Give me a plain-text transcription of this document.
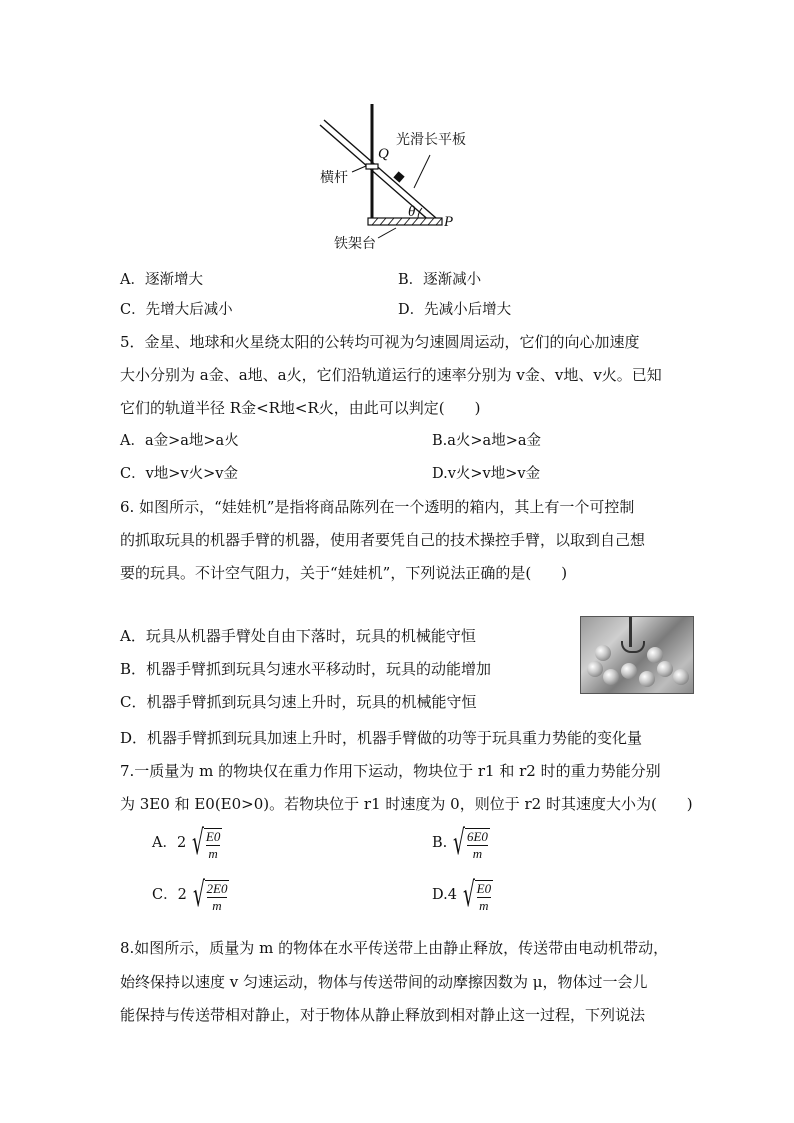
光滑长平板
Q
横杆
θ
P
铁架台
A．逐渐增大	B．逐渐减小
C．先增大后减小	D．先减小后增大
5．金星、地球和火星绕太阳的公转均可视为匀速圆周运动，它们的向心加速度
大小分别为 a金、a地、a火，它们沿轨道运行的速率分别为 v金、v地、v火。已知
它们的轨道半径 R金<R地<R火，由此可以判定(　　)
A．a金>a地>a火	B.a火>a地>a金
C．v地>v火>v金	D.v火>v地>v金
6. 如图所示，“娃娃机”是指将商品陈列在一个透明的箱内，其上有一个可控制
的抓取玩具的机器手臂的机器，使用者要凭自己的技术操控手臂，以取到自己想
要的玩具。不计空气阻力，关于“娃娃机”，下列说法正确的是(　　)
A．玩具从机器手臂处自由下落时，玩具的机械能守恒
B．机器手臂抓到玩具匀速水平移动时，玩具的动能增加
C．机器手臂抓到玩具匀速上升时，玩具的机械能守恒
D．机器手臂抓到玩具加速上升时，机器手臂做的功等于玩具重力势能的变化量
7.一质量为 m 的物块仅在重力作用下运动，物块位于 r1 和 r2 时的重力势能分别
为 3E0 和 E0(E0>0)。若物块位于 r1 时速度为 0，则位于 r2 时其速度大小为(　　)
A．2 √ $\frac{E0}{m}$	B. √ $\frac{6E0}{m}$
C．2 √ $\frac{2E0}{m}$	D.4 √ $\frac{E0}{m}$
8.如图所示，质量为 m 的物体在水平传送带上由静止释放，传送带由电动机带动，
始终保持以速度 v 匀速运动，物体与传送带间的动摩擦因数为 μ，物体过一会儿
能保持与传送带相对静止，对于物体从静止释放到相对静止这一过程，下列说法
